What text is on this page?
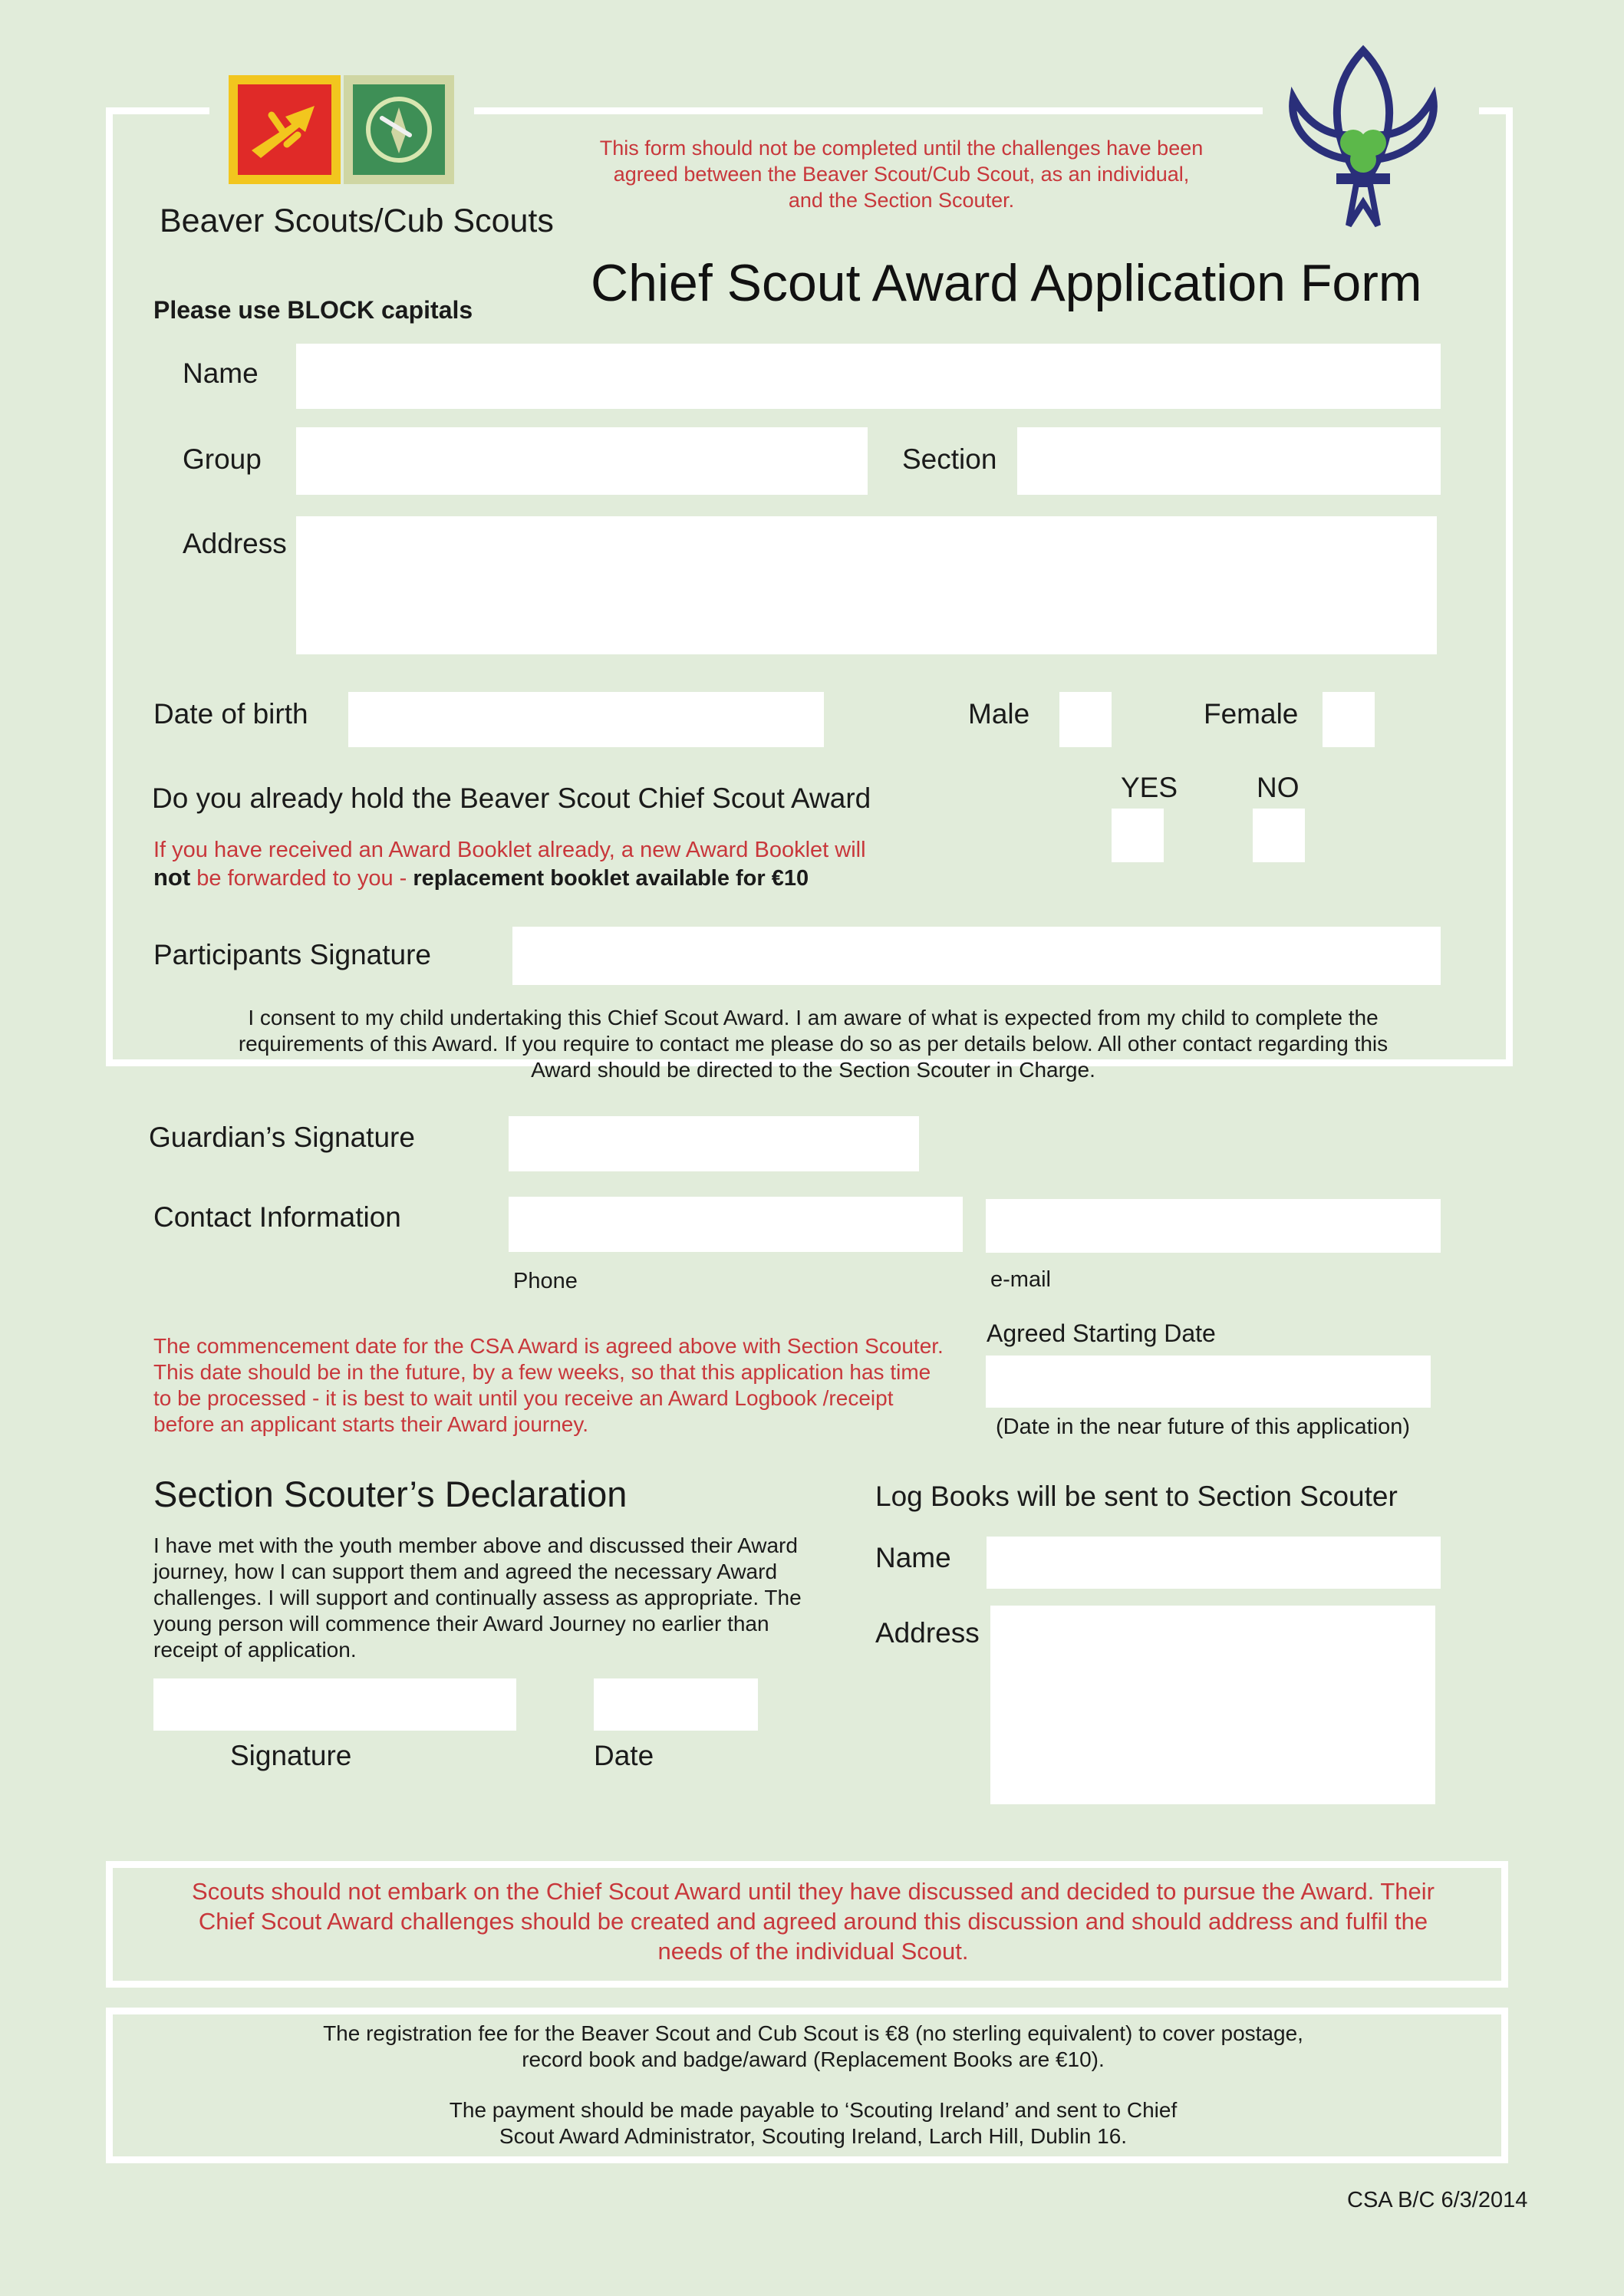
Beaver Scouts/Cub Scouts
This form should not be completed until the challenges have been agreed between the Beaver Scout/Cub Scout, as an individual, and the Section Scouter.
Chief Scout Award Application Form
Please use BLOCK capitals
Name
Group	Section
Address
Date of birth	Male	Female
Do you already hold the Beaver Scout Chief Scout Award	YES	NO
If you have received an Award Booklet already, a new Award Booklet will
not be forwarded to you - replacement booklet available for €10
Participants Signature
I consent to my child undertaking this Chief Scout Award. I am aware of what is expected from my child to complete the requirements of this Award. If you require to contact me please do so as per details below. All other contact regarding this Award should be directed to the Section Scouter in Charge.
Guardian’s Signature
Contact Information
Phone	e-mail
The commencement date for the CSA Award is agreed above with Section Scouter. This date should be in the future, by a few weeks, so that this application has time to be processed - it is best to wait until you receive an Award Logbook /receipt before an applicant starts their Award journey.
Agreed Starting Date
(Date in the near future of this application)
Section Scouter’s Declaration
I have met with the youth member above and discussed their Award journey, how I can support them and agreed the necessary Award challenges. I will support and continually assess as appropriate. The young person will commence their Award Journey no earlier than receipt of application.
Signature	Date
Log Books will be sent to Section Scouter
Name
Address
Scouts should not embark on the Chief Scout Award until they have discussed and decided to pursue the Award. Their Chief Scout Award challenges should be created and agreed around this discussion and should address and fulfil the needs of the individual Scout.
The registration fee for the Beaver Scout and Cub Scout is €8 (no sterling equivalent) to cover postage, record book and badge/award (Replacement Books are €10).
The payment should be made payable to ‘Scouting Ireland’ and sent to Chief Scout Award Administrator, Scouting Ireland, Larch Hill, Dublin 16.
CSA B/C 6/3/2014
